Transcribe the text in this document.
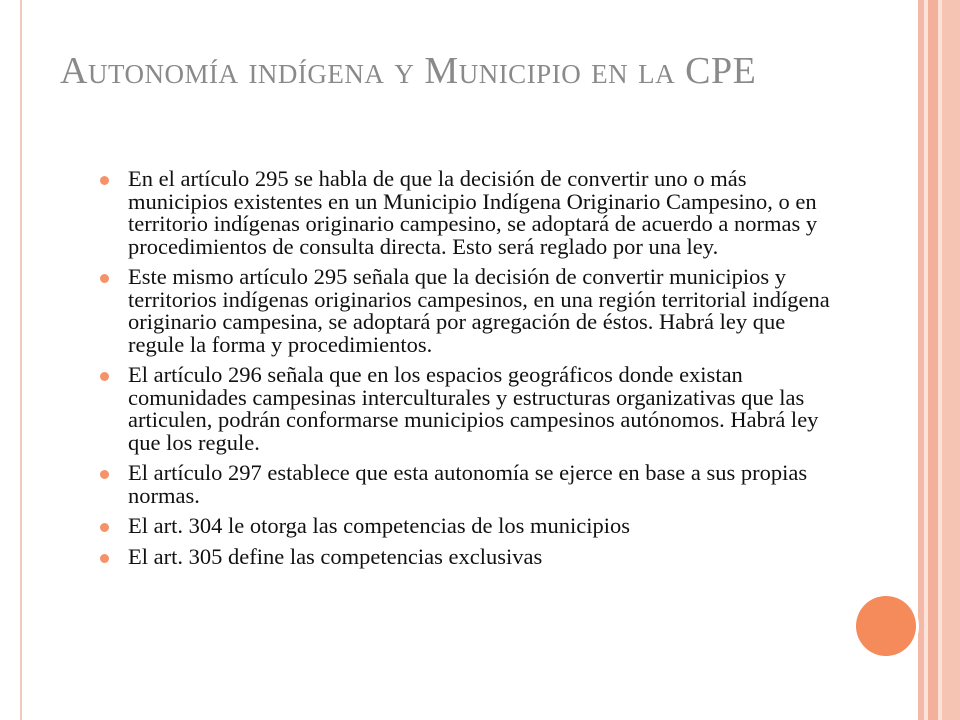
Autonomía indígena y Municipio en la CPE
En el artículo 295 se habla de que la decisión de convertir uno o más municipios existentes en un Municipio Indígena Originario Campesino, o en territorio indígenas originario campesino, se adoptará de acuerdo a normas y procedimientos de consulta directa. Esto será reglado por una ley.
Este mismo artículo 295 señala que la decisión de convertir municipios y territorios indígenas originarios campesinos, en una región territorial indígena originario campesina, se adoptará por agregación de éstos. Habrá ley que regule la forma y procedimientos.
El artículo 296 señala que en los espacios geográficos donde existan comunidades campesinas interculturales y estructuras organizativas que las articulen, podrán conformarse municipios campesinos autónomos. Habrá ley que los regule.
El artículo 297 establece que esta autonomía se ejerce en base a sus propias normas.
El art. 304 le otorga las competencias de los municipios
El art. 305 define las competencias exclusivas
